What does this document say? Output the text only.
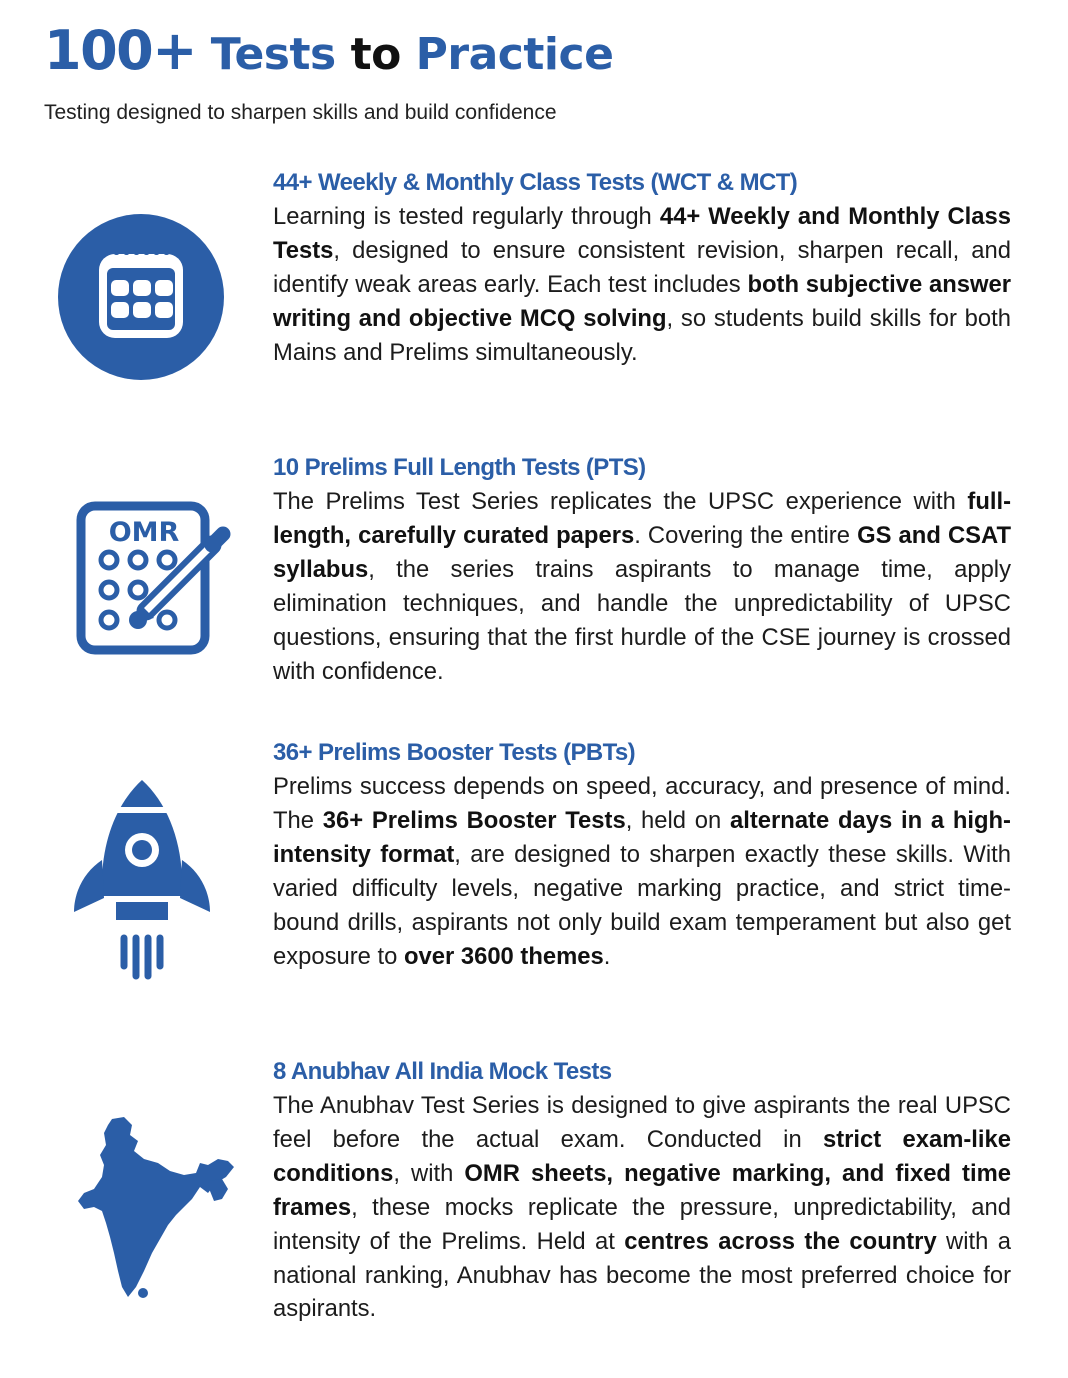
100+ Tests to Practice

Testing designed to sharpen skills and build confidence

44+ Weekly & Monthly Class Tests (WCT & MCT)

Learning is tested regularly through 44+ Weekly and Monthly Class Tests, designed to ensure consistent revision, sharpen recall, and identify weak areas early. Each test includes both subjective answer writing and objective MCQ solving, so students build skills for both Mains and Prelims simultaneously.

OMR
10 Prelims Full Length Tests (PTS)

The Prelims Test Series replicates the UPSC experience with full-length, carefully curated papers. Covering the entire GS and CSAT syllabus, the series trains aspirants to manage time, apply elimination techniques, and handle the unpredictability of UPSC questions, ensuring that the first hurdle of the CSE journey is crossed with confidence.

36+ Prelims Booster Tests (PBTs)

Prelims success depends on speed, accuracy, and presence of mind. The 36+ Prelims Booster Tests, held on alternate days in a high-intensity format, are designed to sharpen exactly these skills. With varied difficulty levels, negative marking practice, and strict time-bound drills, aspirants not only build exam temperament but also get exposure to over 3600 themes.

8 Anubhav All India Mock Tests

The Anubhav Test Series is designed to give aspirants the real UPSC feel before the actual exam. Conducted in strict exam-like conditions, with OMR sheets, negative marking, and fixed time frames, these mocks replicate the pressure, unpredictability, and intensity of the Prelims. Held at centres across the country with a national ranking, Anubhav has become the most preferred choice for aspirants.
